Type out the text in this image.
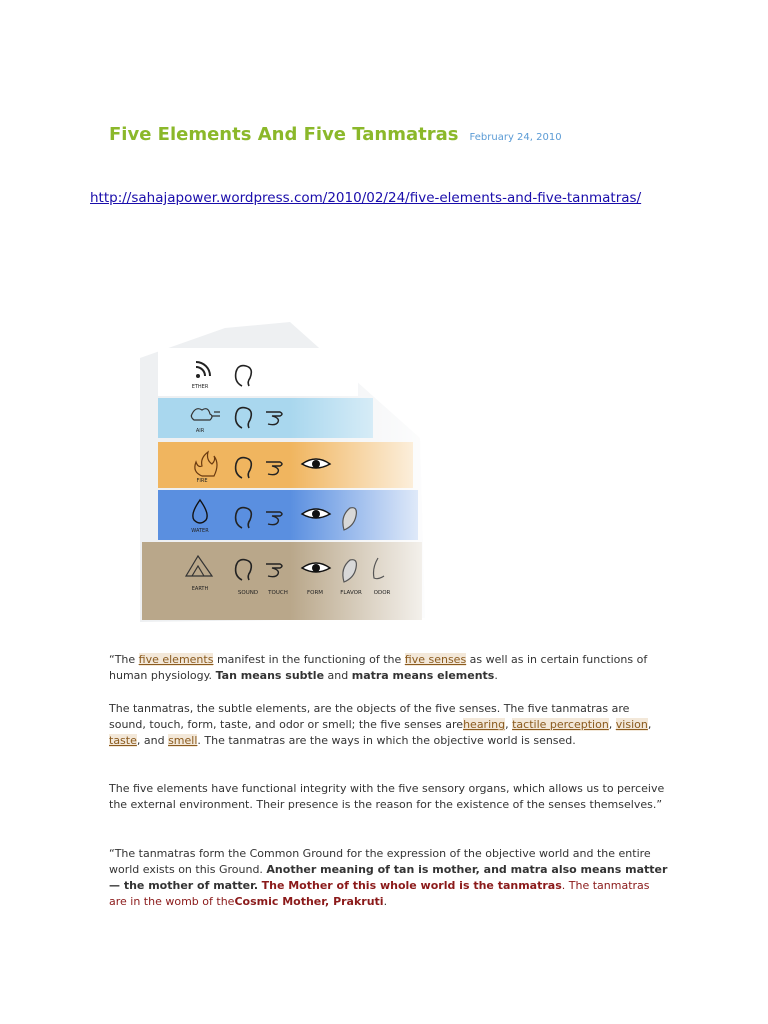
Five Elements And Five Tanmatras February 24, 2010
http://sahajapower.wordpress.com/2010/02/24/five-elements-and-five-tanmatras/
ETHER
AIR
FIRE
WATER
EARTH
SOUND TOUCH	FORM	FLAVOR ODOR
“The five elements manifest in the functioning of the five senses as well as in certain functions of human physiology. Tan means subtle and matra means elements.
The tanmatras, the subtle elements, are the objects of the five senses. The five tanmatras are sound, touch, form, taste, and odor or smell; the five senses arehearing, tactile perception, vision, taste, and smell. The tanmatras are the ways in which the objective world is sensed.
The five elements have functional integrity with the five sensory organs, which allows us to perceive the external environment. Their presence is the reason for the existence of the senses themselves.”
“The tanmatras form the Common Ground for the expression of the objective world and the entire world exists on this Ground. Another meaning of tan is mother, and matra also means matter — the mother of matter. The Mother of this whole world is the tanmatras. The tanmatras are in the womb of theCosmic Mother, Prakruti.
